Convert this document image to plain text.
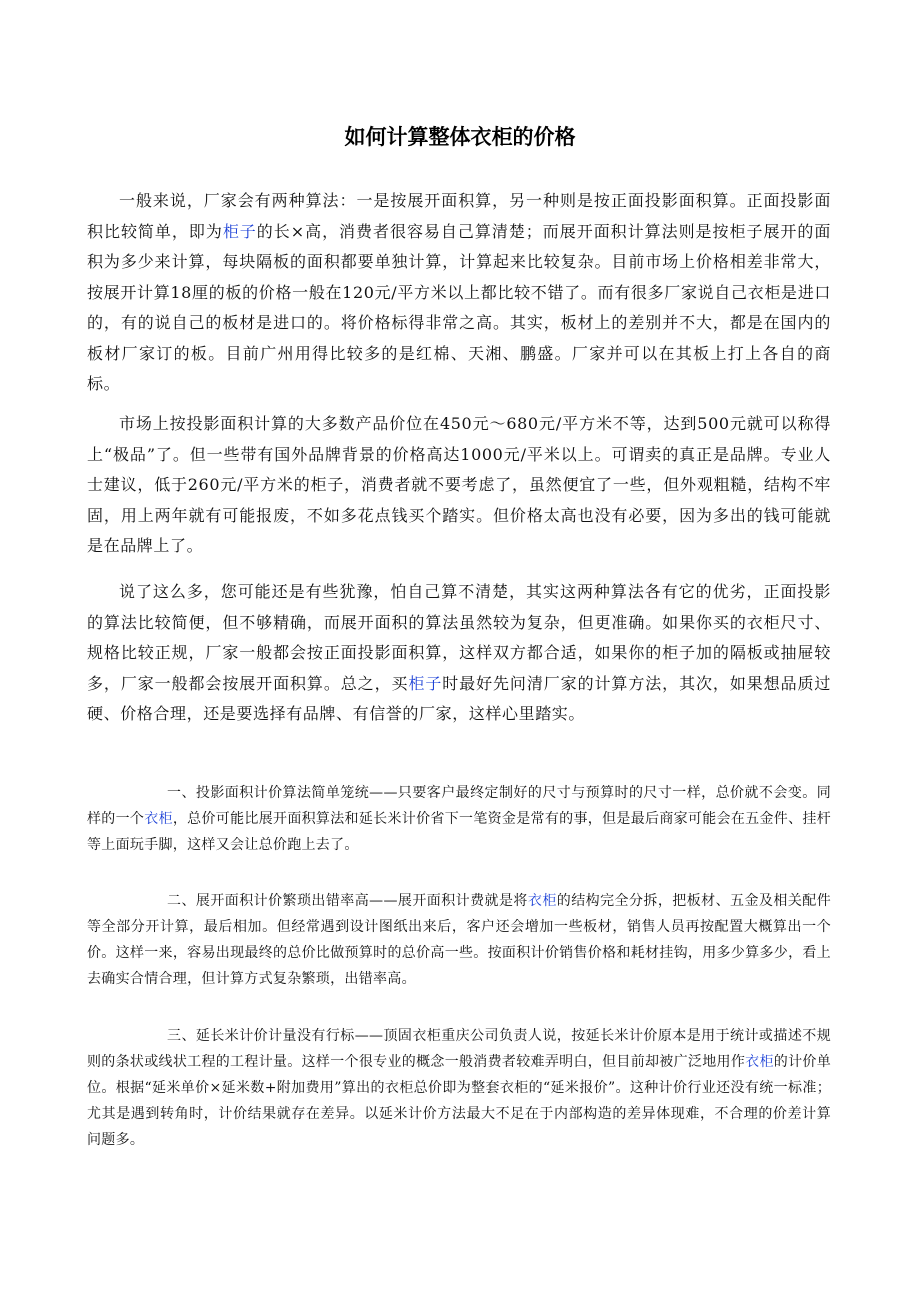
如何计算整体衣柜的价格

一般来说，厂家会有两种算法：一是按展开面积算，另一种则是按正面投影面积算。正面投影面积比较简单，即为柜子的长×高，消费者很容易自己算清楚；而展开面积计算法则是按柜子展开的面积为多少来计算，每块隔板的面积都要单独计算，计算起来比较复杂。目前市场上价格相差非常大，按展开计算18厘的板的价格一般在120元/平方米以上都比较不错了。而有很多厂家说自己衣柜是进口的，有的说自己的板材是进口的。将价格标得非常之高。其实，板材上的差别并不大，都是在国内的板材厂家订的板。目前广州用得比较多的是红棉、天湘、鹏盛。厂家并可以在其板上打上各自的商标。

市场上按投影面积计算的大多数产品价位在450元～680元/平方米不等，达到500元就可以称得上“极品”了。但一些带有国外品牌背景的价格高达1000元/平米以上。可谓卖的真正是品牌。专业人士建议，低于260元/平方米的柜子，消费者就不要考虑了，虽然便宜了一些，但外观粗糙，结构不牢固，用上两年就有可能报废，不如多花点钱买个踏实。但价格太高也没有必要，因为多出的钱可能就是在品牌上了。

说了这么多，您可能还是有些犹豫，怕自己算不清楚，其实这两种算法各有它的优劣，正面投影的算法比较简便，但不够精确，而展开面积的算法虽然较为复杂，但更准确。如果你买的衣柜尺寸、规格比较正规，厂家一般都会按正面投影面积算，这样双方都合适，如果你的柜子加的隔板或抽屉较多，厂家一般都会按展开面积算。总之，买柜子时最好先问清厂家的计算方法，其次，如果想品质过硬、价格合理，还是要选择有品牌、有信誉的厂家，这样心里踏实。

一、投影面积计价算法简单笼统——只要客户最终定制好的尺寸与预算时的尺寸一样，总价就不会变。同样的一个衣柜，总价可能比展开面积算法和延长米计价省下一笔资金是常有的事，但是最后商家可能会在五金件、挂杆等上面玩手脚，这样又会让总价跑上去了。

二、展开面积计价繁琐出错率高——展开面积计费就是将衣柜的结构完全分拆，把板材、五金及相关配件等全部分开计算，最后相加。但经常遇到设计图纸出来后，客户还会增加一些板材，销售人员再按配置大概算出一个价。这样一来，容易出现最终的总价比做预算时的总价高一些。按面积计价销售价格和耗材挂钩，用多少算多少，看上去确实合情合理，但计算方式复杂繁琐，出错率高。

三、延长米计价计量没有行标——顶固衣柜重庆公司负责人说，按延长米计价原本是用于统计或描述不规则的条状或线状工程的工程计量。这样一个很专业的概念一般消费者较难弄明白，但目前却被广泛地用作衣柜的计价单位。根据“延米单价×延米数+附加费用”算出的衣柜总价即为整套衣柜的“延米报价”。这种计价行业还没有统一标准；尤其是遇到转角时，计价结果就存在差异。以延米计价方法最大不足在于内部构造的差异体现难，不合理的价差计算 问题多。
